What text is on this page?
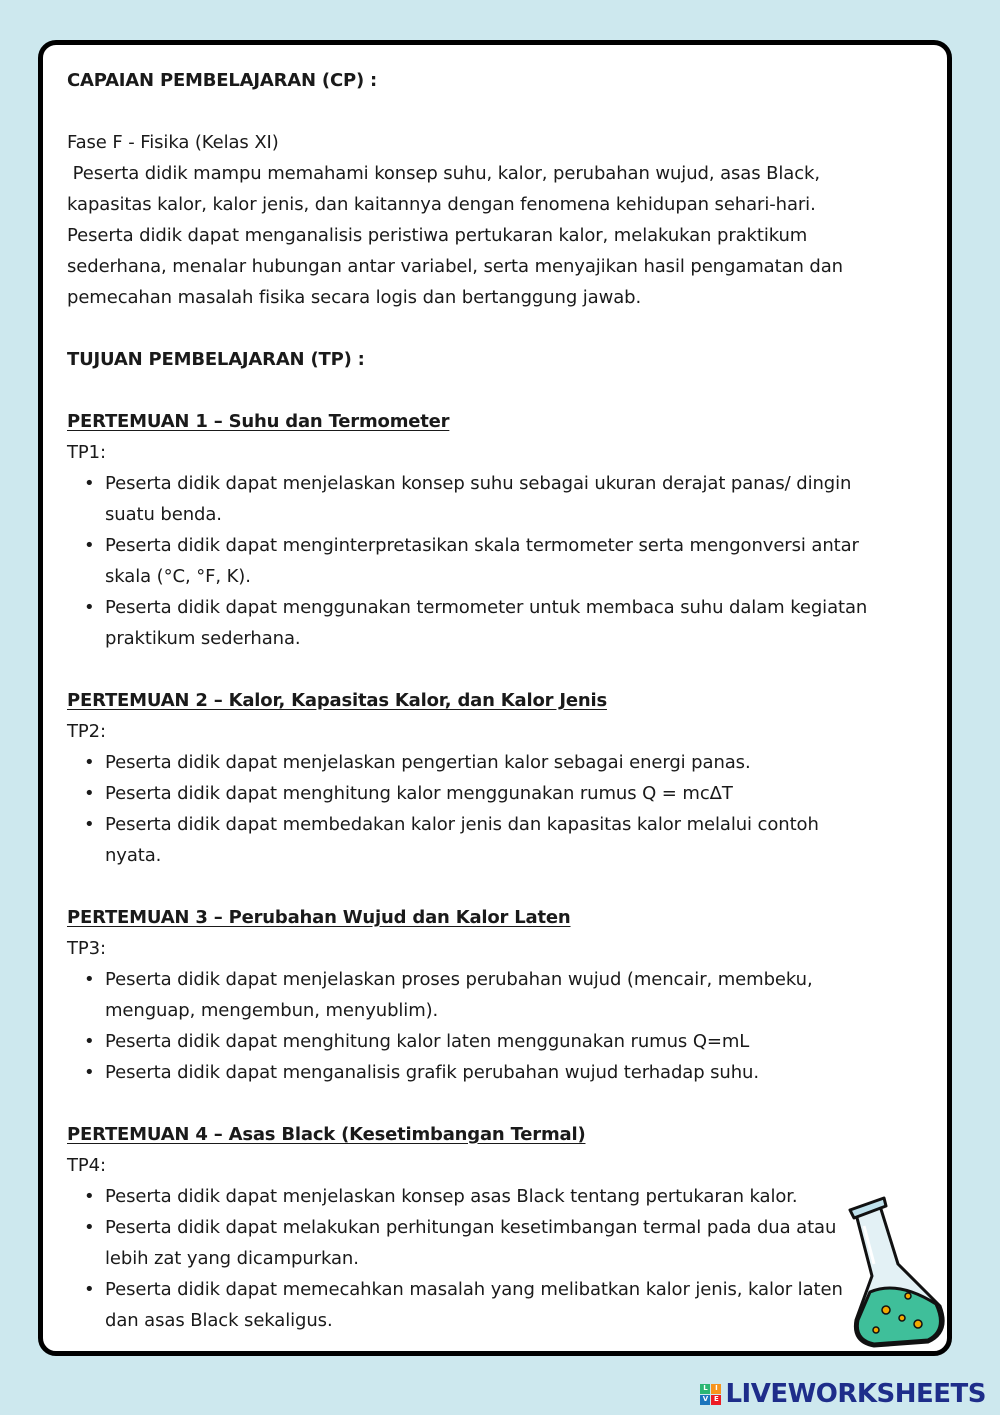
CAPAIAN PEMBELAJARAN (CP) :

Fase F - Fisika (Kelas XI)

Peserta didik mampu memahami konsep suhu, kalor, perubahan wujud, asas Black,

kapasitas kalor, kalor jenis, dan kaitannya dengan fenomena kehidupan sehari-hari.

Peserta didik dapat menganalisis peristiwa pertukaran kalor, melakukan praktikum

sederhana, menalar hubungan antar variabel, serta menyajikan hasil pengamatan dan

pemecahan masalah fisika secara logis dan bertanggung jawab.

TUJUAN PEMBELAJARAN (TP) :
PERTEMUAN 1 – Suhu dan Termometer

TP1:

• Peserta didik dapat menjelaskan konsep suhu sebagai ukuran derajat panas/ dingin
suatu benda.
• Peserta didik dapat menginterpretasikan skala termometer serta mengonversi antar
skala (°C, °F, K).
• Peserta didik dapat menggunakan termometer untuk membaca suhu dalam kegiatan
praktikum sederhana.
PERTEMUAN 2 – Kalor, Kapasitas Kalor, dan Kalor Jenis

TP2:

• Peserta didik dapat menjelaskan pengertian kalor sebagai energi panas.
• Peserta didik dapat menghitung kalor menggunakan rumus Q = mcΔT
• Peserta didik dapat membedakan kalor jenis dan kapasitas kalor melalui contoh
nyata.
PERTEMUAN 3 – Perubahan Wujud dan Kalor Laten

TP3:

• Peserta didik dapat menjelaskan proses perubahan wujud (mencair, membeku,
menguap, mengembun, menyublim).
• Peserta didik dapat menghitung kalor laten menggunakan rumus Q=mL
• Peserta didik dapat menganalisis grafik perubahan wujud terhadap suhu.
PERTEMUAN 4 – Asas Black (Kesetimbangan Termal)

TP4:

• Peserta didik dapat menjelaskan konsep asas Black tentang pertukaran kalor.
• Peserta didik dapat melakukan perhitungan kesetimbangan termal pada dua atau
lebih zat yang dicampurkan.
• Peserta didik dapat memecahkan masalah yang melibatkan kalor jenis, kalor laten
dan asas Black sekaligus.
L	I
V E LIVEWORKSHEETS
